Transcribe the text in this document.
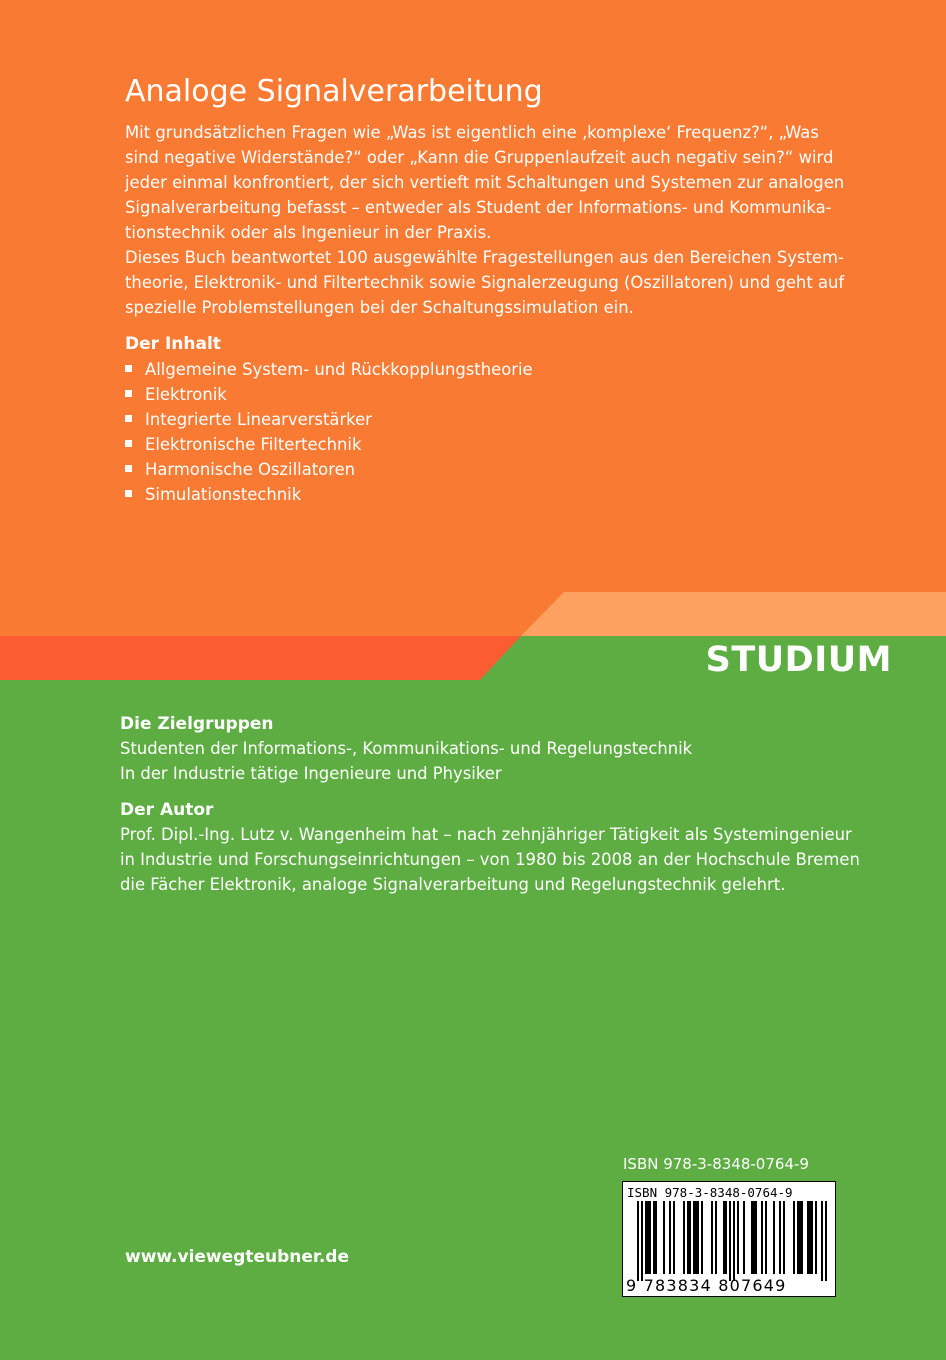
Analoge Signalverarbeitung
Mit grundsätzlichen Fragen wie „Was ist eigentlich eine ‚komplexe‘ Frequenz?“, „Was
sind negative Widerstände?“ oder „Kann die Gruppenlaufzeit auch negativ sein?“ wird
jeder einmal konfrontiert, der sich vertieft mit Schaltungen und Systemen zur analogen
Signalverarbeitung befasst – entweder als Student der Informations- und Kommunika-
tionstechnik oder als Ingenieur in der Praxis.
Dieses Buch beantwortet 100 ausgewählte Fragestellungen aus den Bereichen System-
theorie, Elektronik- und Filtertechnik sowie Signalerzeugung (Oszillatoren) und geht auf
spezielle Problemstellungen bei der Schaltungssimulation ein.
Der Inhalt
Allgemeine System- und Rückkopplungstheorie
Elektronik
Integrierte Linearverstärker
Elektronische Filtertechnik
Harmonische Oszillatoren
Simulationstechnik
STUDIUM
Die Zielgruppen
Studenten der Informations-, Kommunikations- und Regelungstechnik
In der Industrie tätige Ingenieure und Physiker
Der Autor
Prof. Dipl.-Ing. Lutz v. Wangenheim hat – nach zehnjähriger Tätigkeit als Systemingenieur
in Industrie und Forschungseinrichtungen – von 1980 bis 2008 an der Hochschule Bremen
die Fächer Elektronik, analoge Signalverarbeitung und Regelungstechnik gelehrt.
www.viewegteubner.de
ISBN 978-3-8348-0764-9
ISBN 978-3-8348-0764-9
9 783834 807649
